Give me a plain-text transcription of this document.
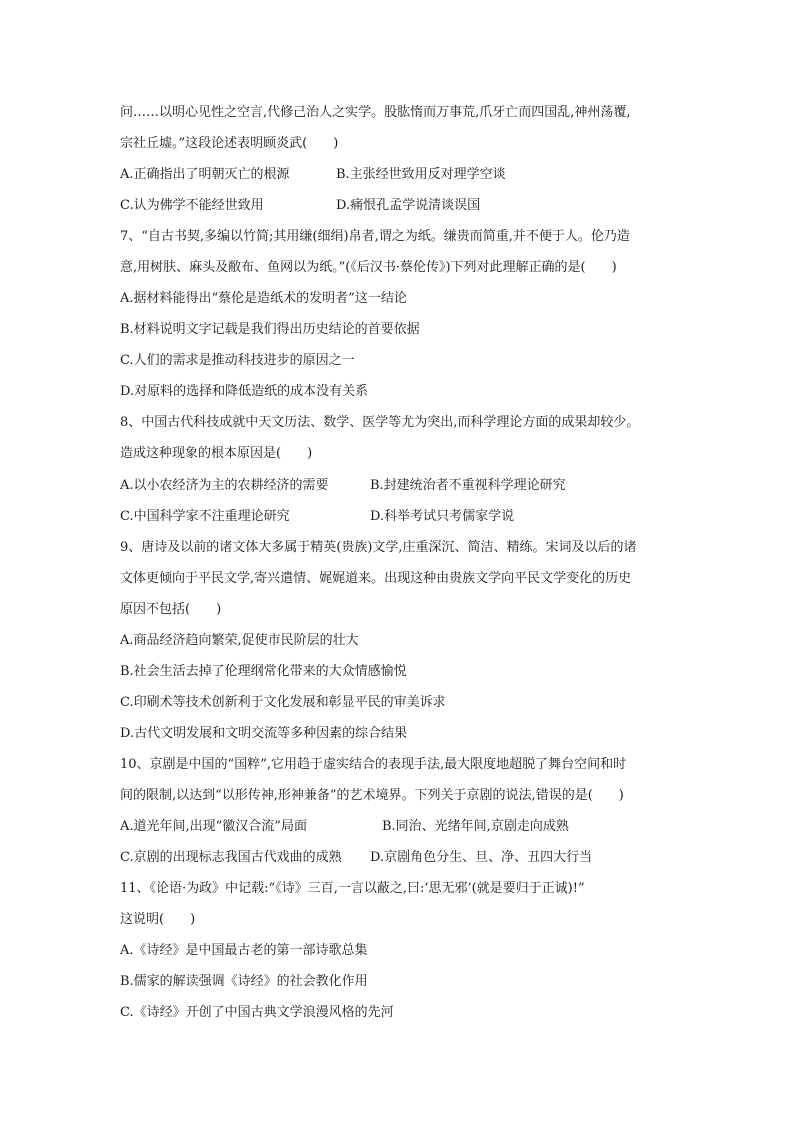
问……以明心见性之空言,代修己治人之实学。股肱惰而万事荒,爪牙亡而四国乱,神州荡覆,
宗社丘墟。”这段论述表明顾炎武(　　)
A.正确指出了明朝灭亡的根源	B.主张经世致用反对理学空谈
C.认为佛学不能经世致用	D.痛恨孔孟学说清谈误国
7、“自古书契,多编以竹简;其用缣(细绢)帛者,谓之为纸。缣贵而简重,并不便于人。伦乃造
意,用树肤、麻头及敝布、鱼网以为纸。”(《后汉书·蔡伦传》)下列对此理解正确的是(　　)
A.据材料能得出“蔡伦是造纸术的发明者”这一结论
B.材料说明文字记载是我们得出历史结论的首要依据
C.人们的需求是推动科技进步的原因之一
D.对原料的选择和降低造纸的成本没有关系
8、中国古代科技成就中天文历法、数学、医学等尤为突出,而科学理论方面的成果却较少。
造成这种现象的根本原因是(　　)
A.以小农经济为主的农耕经济的需要	B.封建统治者不重视科学理论研究
C.中国科学家不注重理论研究	D.科举考试只考儒家学说
9、唐诗及以前的诸文体大多属于精英(贵族)文学,庄重深沉、简洁、精练。宋词及以后的诸
文体更倾向于平民文学,寄兴遣情、娓娓道来。出现这种由贵族文学向平民文学变化的历史
原因不包括(　　)
A.商品经济趋向繁荣,促使市民阶层的壮大
B.社会生活去掉了伦理纲常化带来的大众情感愉悦
C.印刷术等技术创新利于文化发展和彰显平民的审美诉求
D.古代文明发展和文明交流等多种因素的综合结果
10、京剧是中国的“国粹”,它用趋于虚实结合的表现手法,最大限度地超脱了舞台空间和时
间的限制,以达到“以形传神,形神兼备”的艺术境界。下列关于京剧的说法,错误的是(　　)
A.道光年间,出现“徽汉合流”局面	B.同治、光绪年间,京剧走向成熟
C.京剧的出现标志我国古代戏曲的成熟 D.京剧角色分生、旦、净、丑四大行当
11、《论语·为政》中记载:“《诗》三百,一言以蔽之,曰:‘思无邪’(就是要归于正诚)!”
这说明(　　)
A.《诗经》是中国最古老的第一部诗歌总集
B.儒家的解读强调《诗经》的社会教化作用
C.《诗经》开创了中国古典文学浪漫风格的先河
